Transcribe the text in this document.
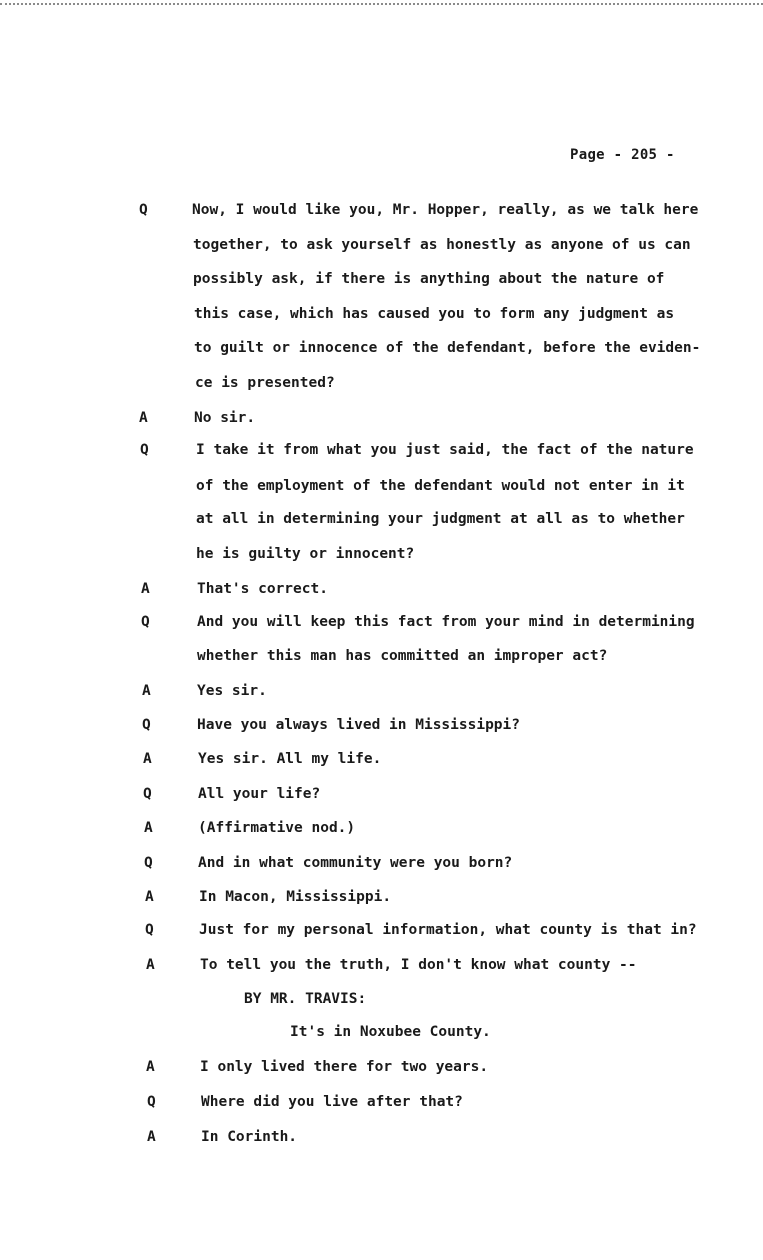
Page - 205 -
Q	Now, I would like you, Mr. Hopper, really, as we talk here
together, to ask yourself as honestly as anyone of us can
possibly ask, if there is anything about the nature of
this case, which has caused you to form any judgment as
to guilt or innocence of the defendant, before the eviden-
ce is presented?
A	No sir.
Q	I take it from what you just said, the fact of the nature
of the employment of the defendant would not enter in it
at all in determining your judgment at all as to whether
he is guilty or innocent?
A	That's correct.
Q	And you will keep this fact from your mind in determining
whether this man has committed an improper act?
A	Yes sir.
Q	Have you always lived in Mississippi?
A	Yes sir. All my life.
Q	All your life?
A	(Affirmative nod.)
Q	And in what community were you born?
A	In Macon, Mississippi.
Q	Just for my personal information, what county is that in?
A	To tell you the truth, I don't know what county --
BY MR. TRAVIS:
It's in Noxubee County.
A	I only lived there for two years.
Q	Where did you live after that?
A	In Corinth.
